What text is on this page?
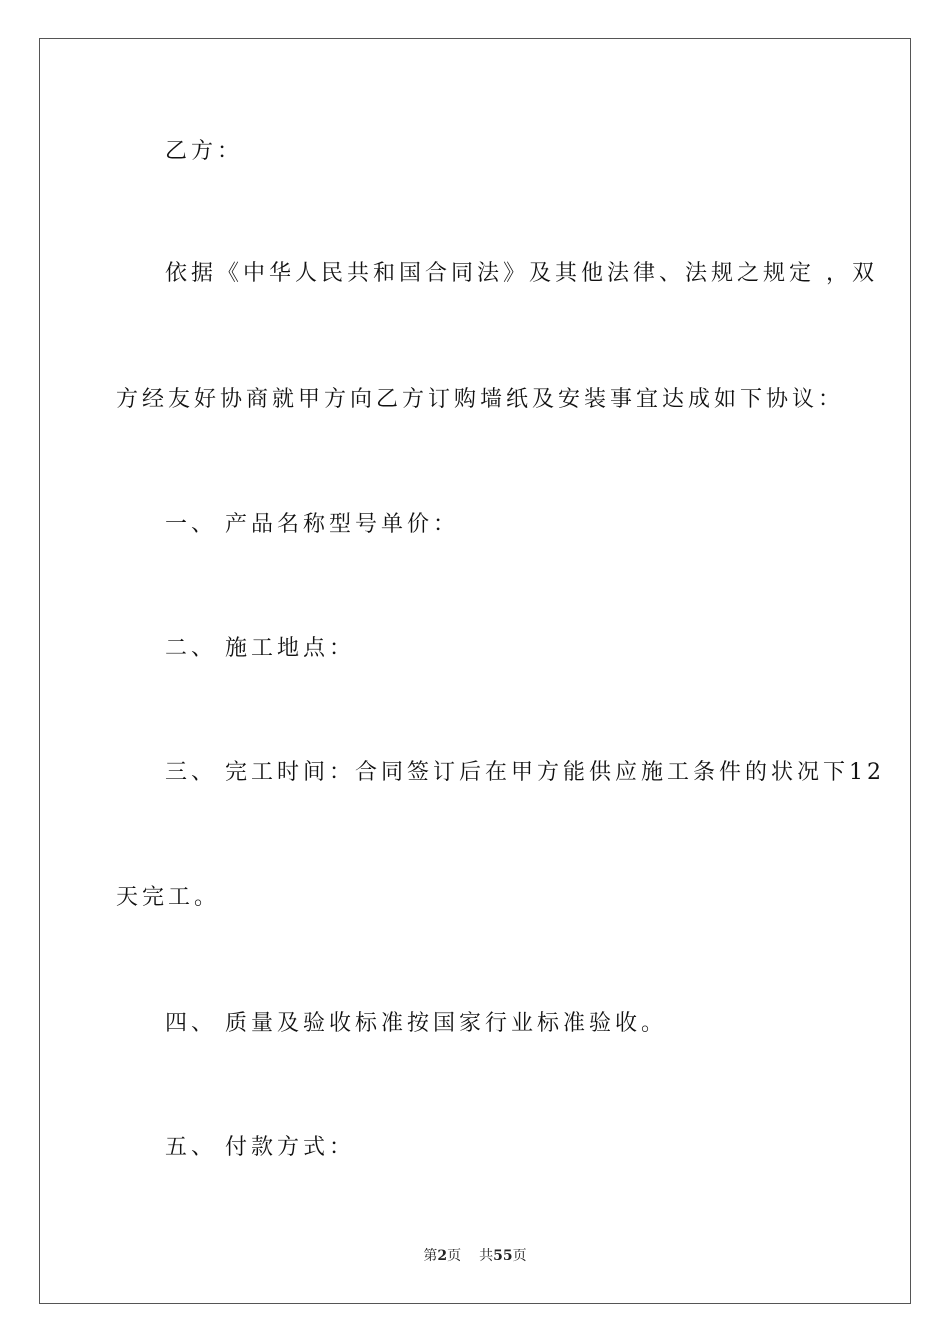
乙方：
依据《中华人民共和国合同法》及其他法律、法规之规定 ，双
方经友好协商就甲方向乙方订购墙纸及安装事宜达成如下协议：
一、 产品名称型号单价：
二、 施工地点：
三、 完工时间：合同签订后在甲方能供应施工条件的状况下12
天完工。
四、 质量及验收标准按国家行业标准验收。
五、 付款方式：
第2页 共55页
